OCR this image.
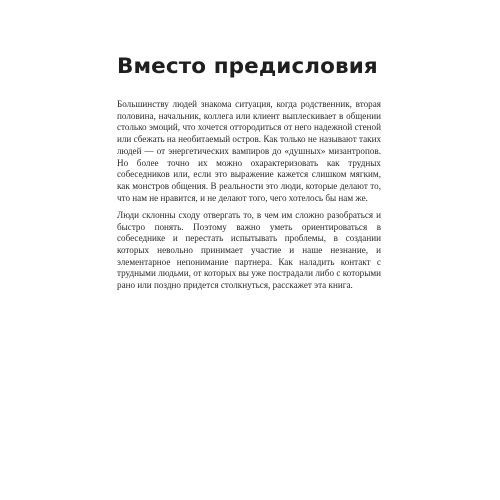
Вместо предисловия

Большинству людей знакома ситуация, когда родственник, вторая половина, начальник, коллега или клиент выплескивает в общении столько эмоций, что хочется оттородиться от него надежной стеной или сбежать на необитаемый остров. Как только не называют таких людей — от энергетических вампиров до «душных» мизантропов. Но более точно их можно охарактеризовать как трудных собеседников или, если это выражение кажется слишком мягким, как монстров общения. В реальности это люди, которые делают то, что нам не нравится, и не делают того, чего хотелось бы нам же.

Люди склонны сходу отвергать то, в чем им сложно разобраться и быстро понять. Поэтому важно уметь ориентироваться в собеседнике и перестать испытывать проблемы, в создании которых невольно принимает участие и наше незнание, и элементарное непонимание партнера. Как наладить контакт с трудными людьми, от которых вы уже пострадали либо с которыми рано или поздно придется столкнуться, расскажет эта книга.
